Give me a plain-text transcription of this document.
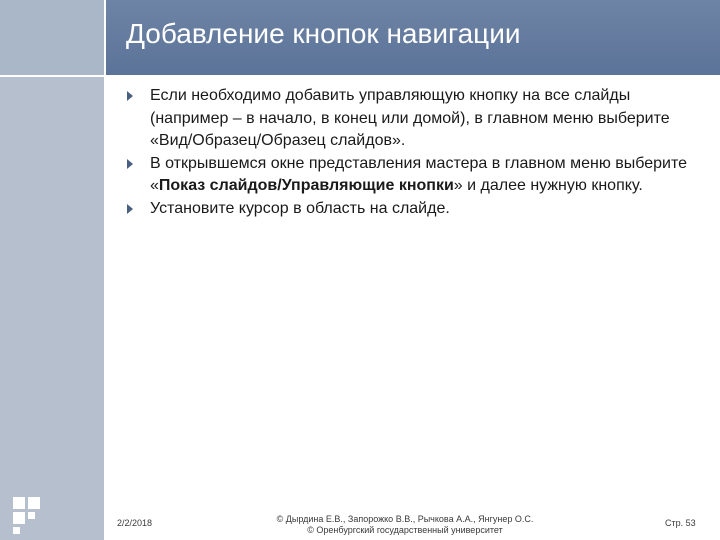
Добавление кнопок навигации
Если необходимо добавить управляющую кнопку на все слайды (например – в начало, в конец или домой), в главном меню выберите «Вид/Образец/Образец слайдов».
В открывшемся окне представления мастера в главном меню выберите «Показ слайдов/Управляющие кнопки» и далее нужную кнопку.
Установите курсор в область на слайде.
2/2/2018	© Дырдина Е.В., Запорожко В.В., Рычкова А.А., Янгунер О.С.
© Оренбургский государственный университет
Стр. 53
